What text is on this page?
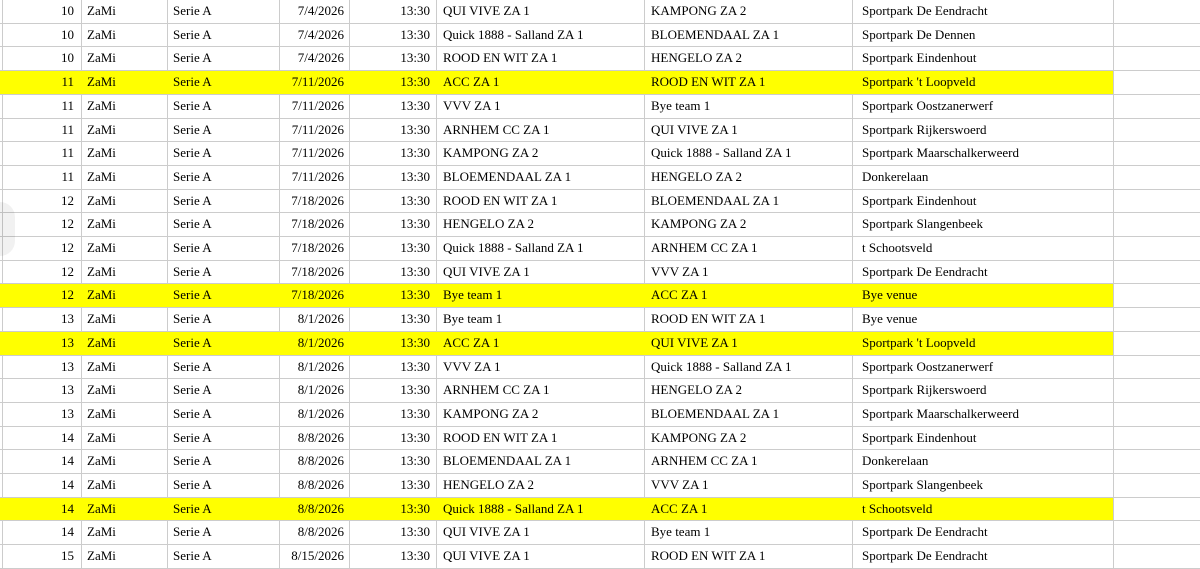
10	ZaMi	Serie A	7/4/2026	13:30	QUI VIVE ZA 1	KAMPONG ZA 2	Sportpark De Eendracht
10	ZaMi	Serie A	7/4/2026	13:30	Quick 1888 - Salland ZA 1	BLOEMENDAAL ZA 1	Sportpark De Dennen
10	ZaMi	Serie A	7/4/2026	13:30	ROOD EN WIT ZA 1	HENGELO ZA 2	Sportpark Eindenhout
11	ZaMi	Serie A	7/11/2026	13:30	ACC ZA 1	ROOD EN WIT ZA 1	Sportpark 't Loopveld
11	ZaMi	Serie A	7/11/2026	13:30	VVV ZA 1	Bye team 1	Sportpark Oostzanerwerf
11	ZaMi	Serie A	7/11/2026	13:30	ARNHEM CC ZA 1	QUI VIVE ZA 1	Sportpark Rijkerswoerd
11	ZaMi	Serie A	7/11/2026	13:30	KAMPONG ZA 2	Quick 1888 - Salland ZA 1	Sportpark Maarschalkerweerd
11	ZaMi	Serie A	7/11/2026	13:30	BLOEMENDAAL ZA 1	HENGELO ZA 2	Donkerelaan
12	ZaMi	Serie A	7/18/2026	13:30	ROOD EN WIT ZA 1	BLOEMENDAAL ZA 1	Sportpark Eindenhout
12	ZaMi	Serie A	7/18/2026	13:30	HENGELO ZA 2	KAMPONG ZA 2	Sportpark Slangenbeek
12	ZaMi	Serie A	7/18/2026	13:30	Quick 1888 - Salland ZA 1	ARNHEM CC ZA 1	t Schootsveld
12	ZaMi	Serie A	7/18/2026	13:30	QUI VIVE ZA 1	VVV ZA 1	Sportpark De Eendracht
12	ZaMi	Serie A	7/18/2026	13:30	Bye team 1	ACC ZA 1	Bye venue
13	ZaMi	Serie A	8/1/2026	13:30	Bye team 1	ROOD EN WIT ZA 1	Bye venue
13	ZaMi	Serie A	8/1/2026	13:30	ACC ZA 1	QUI VIVE ZA 1	Sportpark 't Loopveld
13	ZaMi	Serie A	8/1/2026	13:30	VVV ZA 1	Quick 1888 - Salland ZA 1	Sportpark Oostzanerwerf
13	ZaMi	Serie A	8/1/2026	13:30	ARNHEM CC ZA 1	HENGELO ZA 2	Sportpark Rijkerswoerd
13	ZaMi	Serie A	8/1/2026	13:30	KAMPONG ZA 2	BLOEMENDAAL ZA 1	Sportpark Maarschalkerweerd
14	ZaMi	Serie A	8/8/2026	13:30	ROOD EN WIT ZA 1	KAMPONG ZA 2	Sportpark Eindenhout
14	ZaMi	Serie A	8/8/2026	13:30	BLOEMENDAAL ZA 1	ARNHEM CC ZA 1	Donkerelaan
14	ZaMi	Serie A	8/8/2026	13:30	HENGELO ZA 2	VVV ZA 1	Sportpark Slangenbeek
14	ZaMi	Serie A	8/8/2026	13:30	Quick 1888 - Salland ZA 1	ACC ZA 1	t Schootsveld
14	ZaMi	Serie A	8/8/2026	13:30	QUI VIVE ZA 1	Bye team 1	Sportpark De Eendracht
15	ZaMi	Serie A	8/15/2026	13:30	QUI VIVE ZA 1	ROOD EN WIT ZA 1	Sportpark De Eendracht
